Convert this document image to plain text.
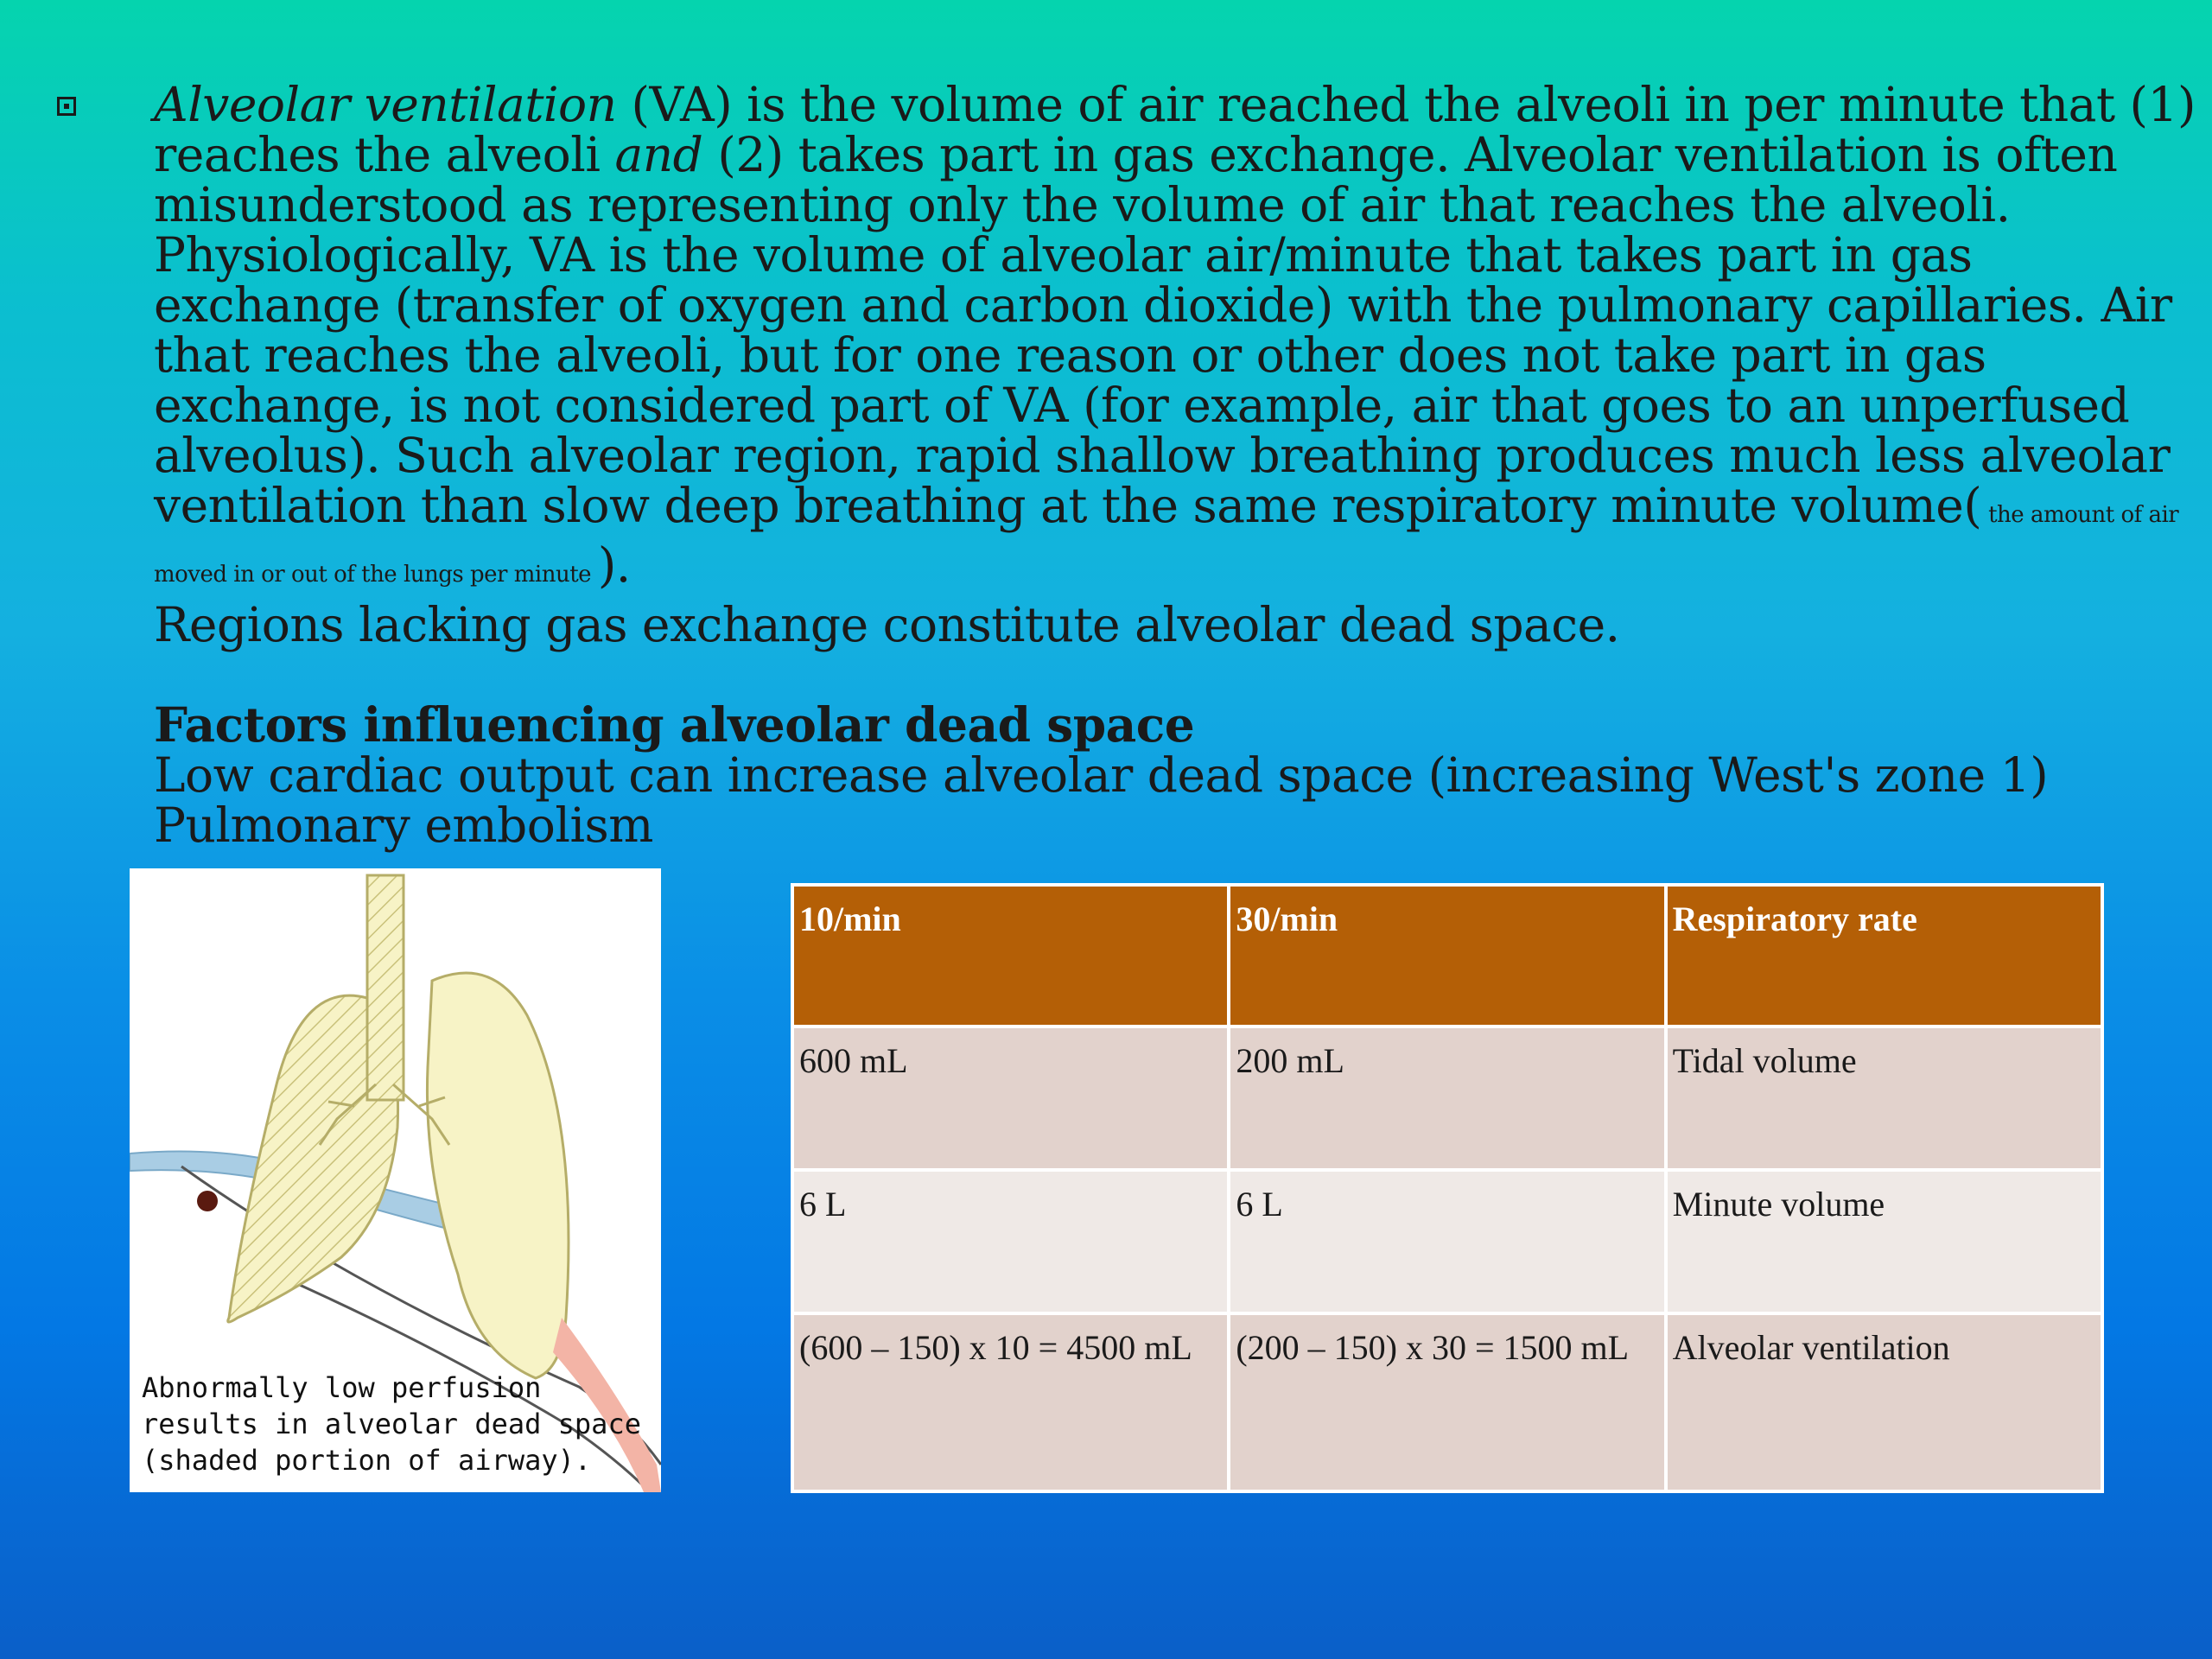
Alveolar ventilation (VA) is the volume of air reached the alveoli in per minute that (1) reaches the alveoli and (2) takes part in gas exchange. Alveolar ventilation is often misunderstood as representing only the volume of air that reaches the alveoli. Physiologically, VA is the volume of alveolar air/minute that takes part in gas exchange (transfer of oxygen and carbon dioxide) with the pulmonary capillaries. Air that reaches the alveoli, but for one reason or other does not take part in gas exchange, is not considered part of VA (for example, air that goes to an unperfused alveolus). Such alveolar region, rapid shallow breathing produces much less alveolar ventilation than slow deep breathing at the same respiratory minute volume( the amount of air moved in or out of the lungs per minute ).

Regions lacking gas exchange constitute alveolar dead space.

Factors influencing alveolar dead space

Low cardiac output can increase alveolar dead space (increasing West's zone 1)

Pulmonary embolism

Abnormally low perfusion
results in alveolar dead space
(shaded portion of airway).
10/min	30/min	Respiratory rate
600 mL	200 mL	Tidal volume
6 L	6 L	Minute volume
(600 – 150) x 10 = 4500 mL	(200 – 150) x 30 = 1500 mL	Alveolar ventilation
